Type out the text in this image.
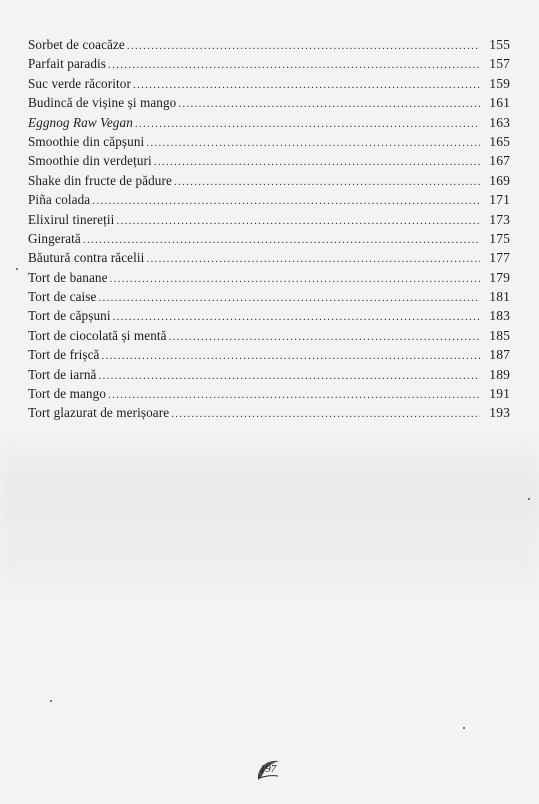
Sorbet de coacăze .....	155
Parfait paradis .....	157
Suc verde răcoritor .....	159
Budincă de vișine și mango .....	161
Eggnog Raw Vegan .....	163
Smoothie din căpșuni .....	165
Smoothie din verdețuri .....	167
Shake din fructe de pădure .....	169
Piña colada .....	171
Elixirul tinereții .....	173
Gingerată .....	175
Băutură contra răcelii .....	177
Tort de banane .....	179
Tort de caise .....	181
Tort de căpșuni .....	183
Tort de ciocolată și mentă .....	185
Tort de frișcă .....	187
Tort de iarnă .....	189
Tort de mango .....	191
Tort glazurat de merișoare .....	193
197
